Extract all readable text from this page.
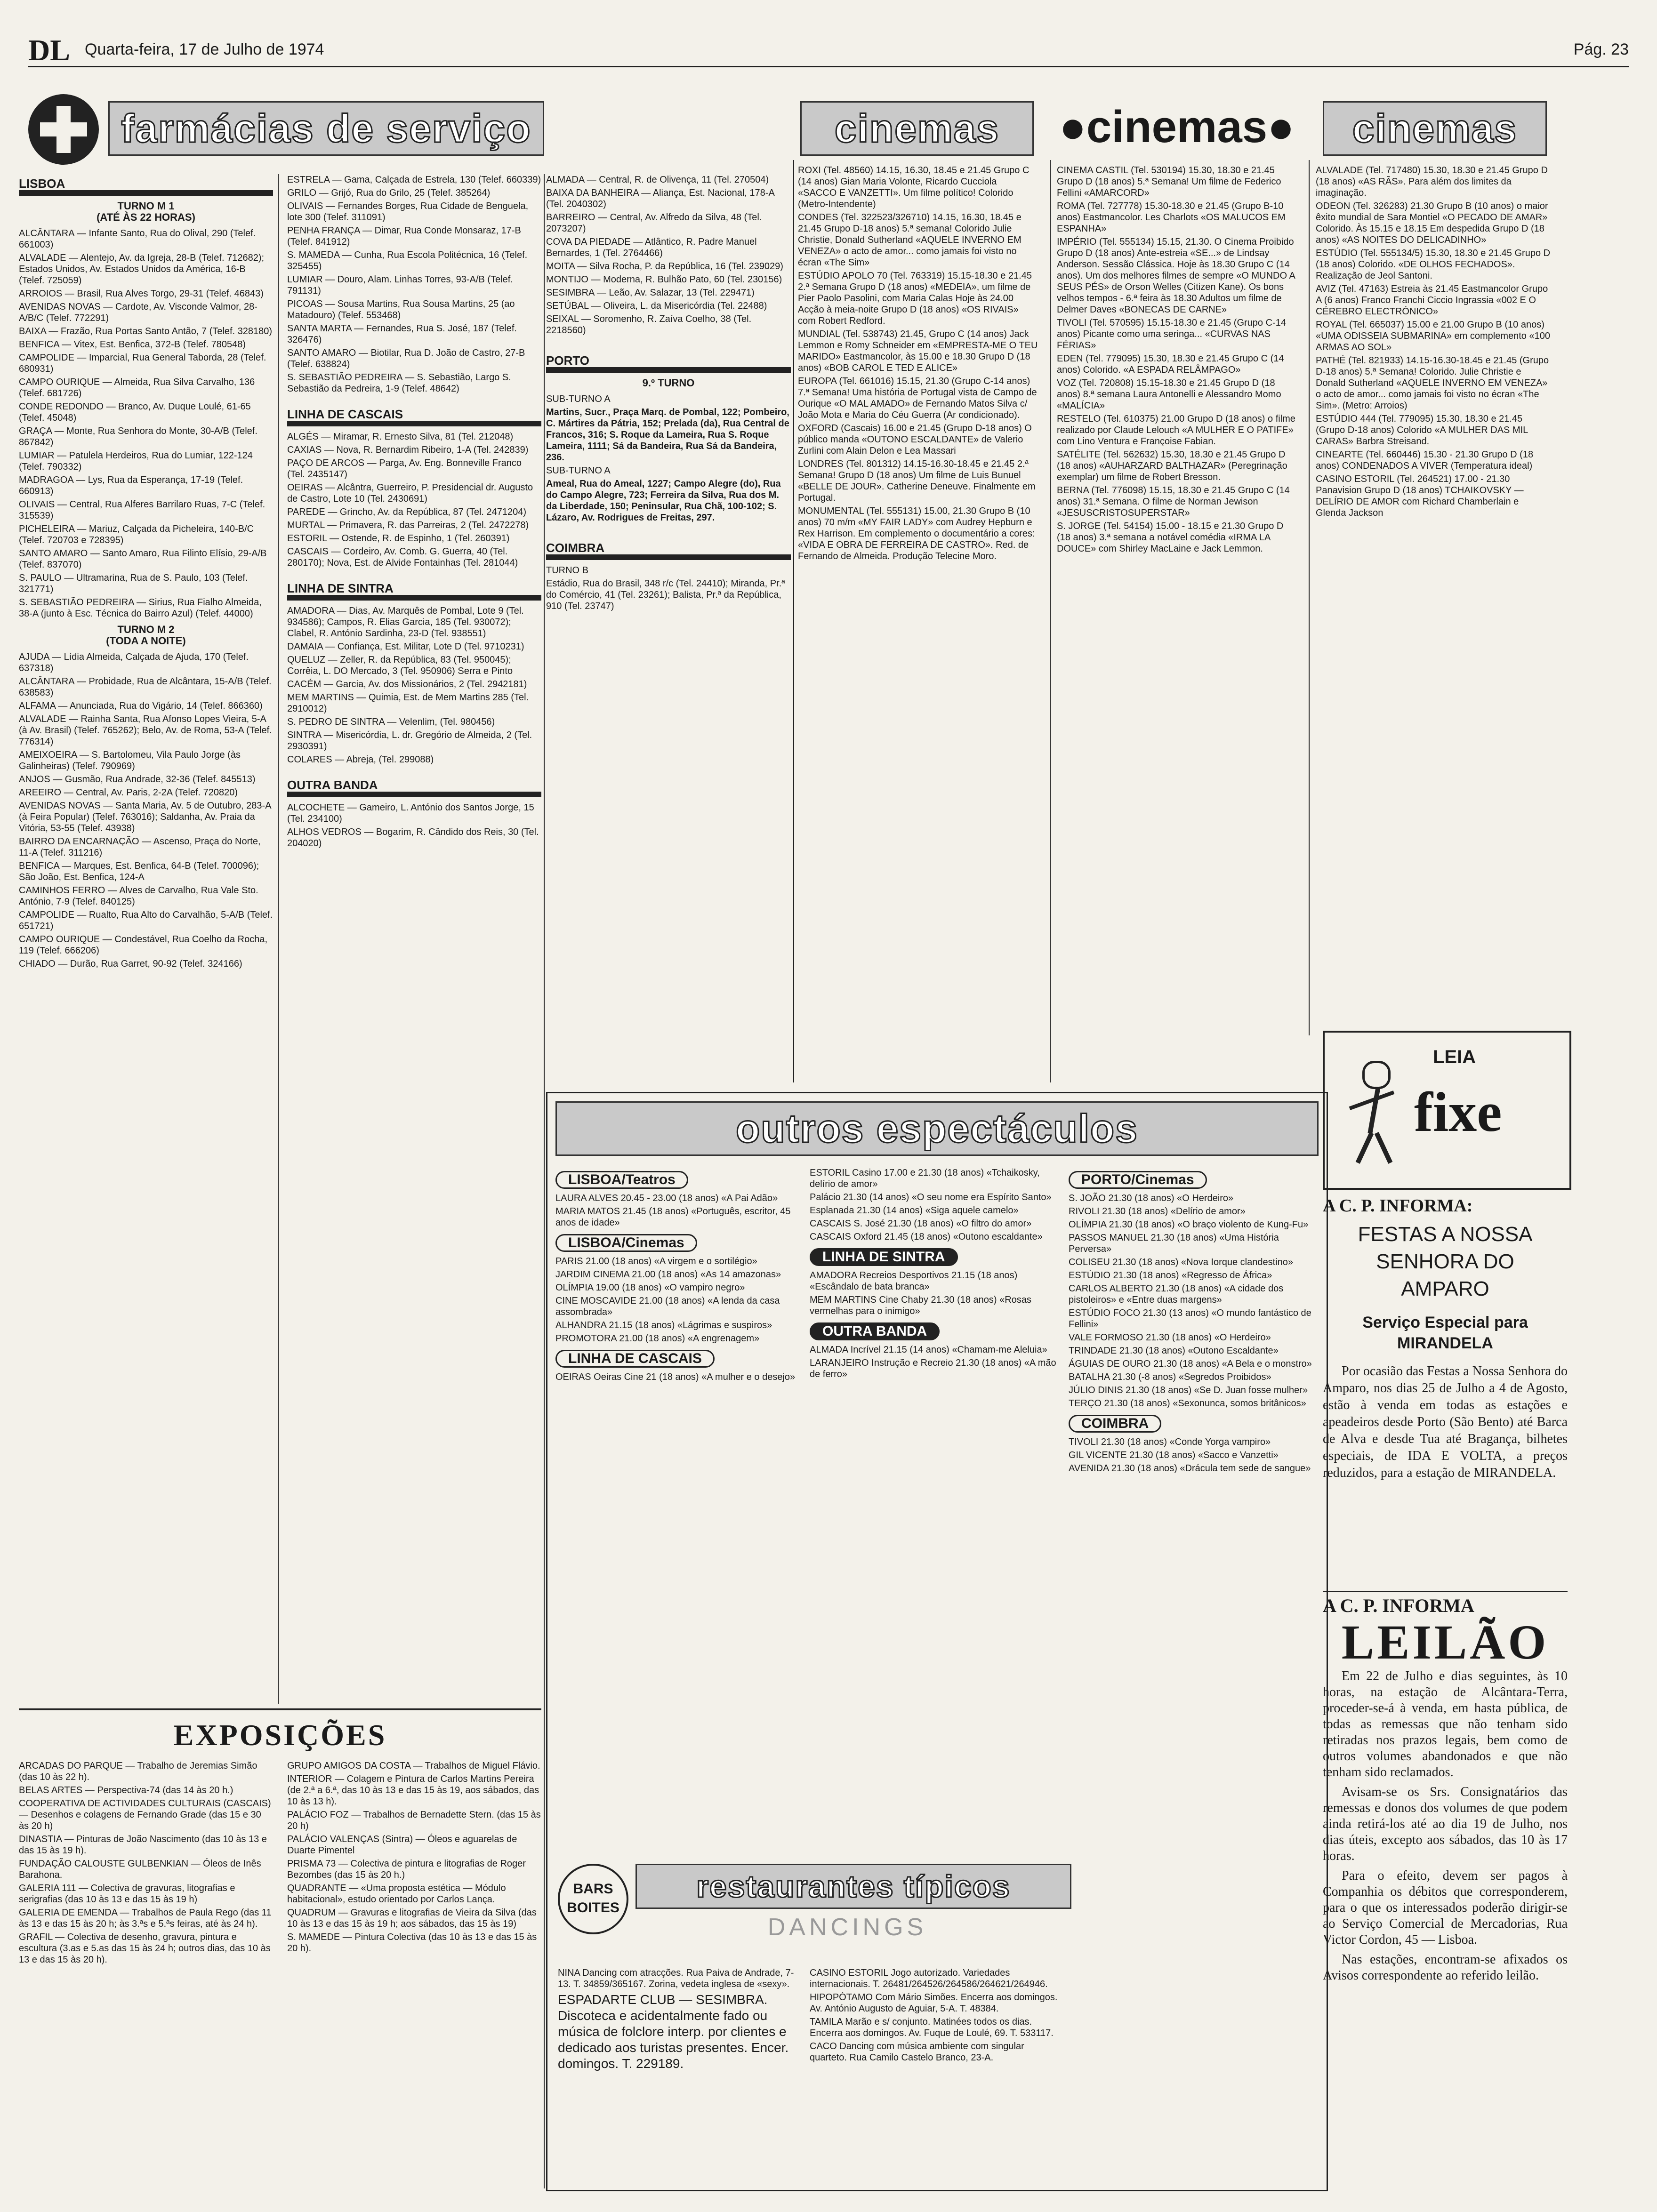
DL Quarta-feira, 17 de Julho de 1974	Pág. 23
farmácias de serviço	cinemas	●cinemas●	cinemas
LISBOA
TURNO M 1
(ATÉ ÀS 22 HORAS)

ALCÂNTARA — Infante Santo, Rua do Olival, 290 (Telef. 661003)

ALVALADE — Alentejo, Av. da Igreja, 28-B (Telef. 712682); Estados Unidos, Av. Estados Unidos da América, 16-B (Telef. 725059)

ARROIOS — Brasil, Rua Alves Torgo, 29-31 (Telef. 46843)

AVENIDAS NOVAS — Cardote, Av. Visconde Valmor, 28-A/B/C (Telef. 772291)

BAIXA — Frazão, Rua Portas Santo Antão, 7 (Telef. 328180)

BENFICA — Vitex, Est. Benfica, 372-B (Telef. 780548)

CAMPOLIDE — Imparcial, Rua General Taborda, 28 (Telef. 680931)

CAMPO OURIQUE — Almeida, Rua Silva Carvalho, 136 (Telef. 681726)

CONDE REDONDO — Branco, Av. Duque Loulé, 61-65 (Telef. 45048)

GRAÇA — Monte, Rua Senhora do Monte, 30-A/B (Telef. 867842)

LUMIAR — Patulela Herdeiros, Rua do Lumiar, 122-124 (Telef. 790332)

MADRAGOA — Lys, Rua da Esperança, 17-19 (Telef. 660913)

OLIVAIS — Central, Rua Alferes Barrilaro Ruas, 7-C (Telef. 315539)

PICHELEIRA — Mariuz, Calçada da Picheleira, 140-B/C (Telef. 720703 e 728395)

SANTO AMARO — Santo Amaro, Rua Filinto Elísio, 29-A/B (Telef. 837070)

S. PAULO — Ultramarina, Rua de S. Paulo, 103 (Telef. 321771)

S. SEBASTIÃO PEDREIRA — Sirius, Rua Fialho Almeida, 38-A (junto à Esc. Técnica do Bairro Azul) (Telef. 44000)

TURNO M 2
(TODA A NOITE)

AJUDA — Lídia Almeida, Calçada de Ajuda, 170 (Telef. 637318)

ALCÂNTARA — Probidade, Rua de Alcântara, 15-A/B (Telef. 638583)

ALFAMA — Anunciada, Rua do Vigário, 14 (Telef. 866360)

ALVALADE — Rainha Santa, Rua Afonso Lopes Vieira, 5-A (à Av. Brasil) (Telef. 765262); Belo, Av. de Roma, 53-A (Telef. 776314)

AMEIXOEIRA — S. Bartolomeu, Vila Paulo Jorge (às Galinheiras) (Telef. 790969)

ANJOS — Gusmão, Rua Andrade, 32-36 (Telef. 845513)

AREEIRO — Central, Av. Paris, 2-2A (Telef. 720820)

AVENIDAS NOVAS — Santa Maria, Av. 5 de Outubro, 283-A (à Feira Popular) (Telef. 763016); Saldanha, Av. Praia da Vitória, 53-55 (Telef. 43938)

BAIRRO DA ENCARNAÇÃO — Ascenso, Praça do Norte, 11-A (Telef. 311216)

BENFICA — Marques, Est. Benfica, 64-B (Telef. 700096); São João, Est. Benfica, 124-A

CAMINHOS FERRO — Alves de Carvalho, Rua Vale Sto. António, 7-9 (Telef. 840125)

CAMPOLIDE — Rualto, Rua Alto do Carvalhão, 5-A/B (Telef. 651721)

CAMPO OURIQUE — Condestável, Rua Coelho da Rocha, 119 (Telef. 666206)

CHIADO — Durão, Rua Garret, 90-92 (Telef. 324166)

ESTRELA — Gama, Calçada de Estrela, 130 (Telef. 660339)

GRILO — Grijó, Rua do Grilo, 25 (Telef. 385264)

OLIVAIS — Fernandes Borges, Rua Cidade de Benguela, lote 300 (Telef. 311091)

PENHA FRANÇA — Dimar, Rua Conde Monsaraz, 17-B (Telef. 841912)

S. MAMEDA — Cunha, Rua Escola Politécnica, 16 (Telef. 325455)

LUMIAR — Douro, Alam. Linhas Torres, 93-A/B (Telef. 791131)

PICOAS — Sousa Martins, Rua Sousa Martins, 25 (ao Matadouro) (Telef. 553468)

SANTA MARTA — Fernandes, Rua S. José, 187 (Telef. 326476)

SANTO AMARO — Biotilar, Rua D. João de Castro, 27-B (Telef. 638824)

S. SEBASTIÃO PEDREIRA — S. Sebastião, Largo S. Sebastião da Pedreira, 1-9 (Telef. 48642)

LINHA DE CASCAIS

ALGÉS — Miramar, R. Ernesto Silva, 81 (Tel. 212048)

CAXIAS — Nova, R. Bernardim Ribeiro, 1-A (Tel. 242839)

PAÇO DE ARCOS — Parga, Av. Eng. Bonneville Franco (Tel. 2435147)

OEIRAS — Alcântra, Guerreiro, P. Presidencial dr. Augusto de Castro, Lote 10 (Tel. 2430691)

PAREDE — Grincho, Av. da República, 87 (Tel. 2471204)

MURTAL — Primavera, R. das Parreiras, 2 (Tel. 2472278)

ESTORIL — Ostende, R. de Espinho, 1 (Tel. 260391)

CASCAIS — Cordeiro, Av. Comb. G. Guerra, 40 (Tel. 280170); Nova, Est. de Alvide Fontainhas (Tel. 281044)

LINHA DE SINTRA

AMADORA — Dias, Av. Marquês de Pombal, Lote 9 (Tel. 934586); Campos, R. Elias Garcia, 185 (Tel. 930072); Clabel, R. António Sardinha, 23-D (Tel. 938551)

DAMAIA — Confiança, Est. Militar, Lote D (Tel. 9710231)

QUELUZ — Zeller, R. da República, 83 (Tel. 950045); Corrêia, L. DO Mercado, 3 (Tel. 950906) Serra e Pinto

CACÉM — Garcia, Av. dos Missionários, 2 (Tel. 2942181)

MEM MARTINS — Quimia, Est. de Mem Martins 285 (Tel. 2910012)

S. PEDRO DE SINTRA — Velenlim, (Tel. 980456)

SINTRA — Misericórdia, L. dr. Gregório de Almeida, 2 (Tel. 2930391)

COLARES — Abreja, (Tel. 299088)

OUTRA BANDA

ALCOCHETE — Gameiro, L. António dos Santos Jorge, 15 (Tel. 234100)

ALHOS VEDROS — Bogarim, R. Cândido dos Reis, 30 (Tel. 204020)

ALMADA — Central, R. de Olivença, 11 (Tel. 270504)

BAIXA DA BANHEIRA — Aliança, Est. Nacional, 178-A (Tel. 2040302)

BARREIRO — Central, Av. Alfredo da Silva, 48 (Tel. 2073207)

COVA DA PIEDADE — Atlântico, R. Padre Manuel Bernardes, 1 (Tel. 2764466)

MOITA — Silva Rocha, P. da República, 16 (Tel. 239029)

MONTIJO — Moderna, R. Bulhão Pato, 60 (Tel. 230156)

SESIMBRA — Leão, Av. Salazar, 13 (Tel. 229471)

SETÚBAL — Oliveira, L. da Misericórdia (Tel. 22488)

SEIXAL — Soromenho, R. Zaíva Coelho, 38 (Tel. 2218560)

PORTO
9.º TURNO

SUB-TURNO A

Martins, Sucr., Praça Marq. de Pombal, 122; Pombeiro, C. Mártires da Pátria, 152; Prelada (da), Rua Central de Francos, 316; S. Roque da Lameira, Rua S. Roque Lameira, 1111; Sá da Bandeira, Rua Sá da Bandeira, 236.

SUB-TURNO A

Ameal, Rua do Ameal, 1227; Campo Alegre (do), Rua do Campo Alegre, 723; Ferreira da Silva, Rua dos M. da Liberdade, 150; Peninsular, Rua Chã, 100-102; S. Lázaro, Av. Rodrigues de Freitas, 297.

COIMBRA

TURNO B

Estádio, Rua do Brasil, 348 r/c (Tel. 24410); Miranda, Pr.ª do Comércio, 41 (Tel. 23261); Balista, Pr.ª da República, 910 (Tel. 23747)

ROXI (Tel. 48560) 14.15, 16.30, 18.45 e 21.45 Grupo C (14 anos) Gian Maria Volonte, Ricardo Cucciola «SACCO E VANZETTI». Um filme político! Colorido (Metro-Intendente)

CONDES (Tel. 322523/326710) 14.15, 16.30, 18.45 e 21.45 Grupo D-18 anos) 5.ª semana! Colorido Julie Christie, Donald Sutherland «AQUELE INVERNO EM VENEZA» o acto de amor... como jamais foi visto no écran «The Sim»

ESTÚDIO APOLO 70 (Tel. 763319) 15.15-18.30 e 21.45 2.ª Semana Grupo D (18 anos) «MEDEIA», um filme de Pier Paolo Pasolini, com Maria Calas Hoje às 24.00 Acção à meia-noite Grupo D (18 anos) «OS RIVAIS» com Robert Redford.

MUNDIAL (Tel. 538743) 21.45, Grupo C (14 anos) Jack Lemmon e Romy Schneider em «EMPRESTA-ME O TEU MARIDO» Eastmancolor, às 15.00 e 18.30 Grupo D (18 anos) «BOB CAROL E TED E ALICE»

EUROPA (Tel. 661016) 15.15, 21.30 (Grupo C-14 anos) 7.ª Semana! Uma história de Portugal vista de Campo de Ourique «O MAL AMADO» de Fernando Matos Silva c/ João Mota e Maria do Céu Guerra (Ar condicionado).

OXFORD (Cascais) 16.00 e 21.45 (Grupo D-18 anos) O público manda «OUTONO ESCALDANTE» de Valerio Zurlini com Alain Delon e Lea Massari

LONDRES (Tel. 801312) 14.15-16.30-18.45 e 21.45 2.ª Semana! Grupo D (18 anos) Um filme de Luis Bunuel «BELLE DE JOUR». Catherine Deneuve. Finalmente em Portugal.

MONUMENTAL (Tel. 555131) 15.00, 21.30 Grupo B (10 anos) 70 m/m «MY FAIR LADY» com Audrey Hepburn e Rex Harrison. Em complemento o documentário a cores: «VIDA E OBRA DE FERREIRA DE CASTRO». Red. de Fernando de Almeida. Produção Telecine Moro.

CINEMA CASTIL (Tel. 530194) 15.30, 18.30 e 21.45 Grupo D (18 anos) 5.ª Semana! Um filme de Federico Fellini «AMARCORD»

ROMA (Tel. 727778) 15.30-18.30 e 21.45 (Grupo B-10 anos) Eastmancolor. Les Charlots «OS MALUCOS EM ESPANHA»

IMPÉRIO (Tel. 555134) 15.15, 21.30. O Cinema Proibido Grupo D (18 anos) Ante-estreia «SE...» de Lindsay Anderson. Sessão Clássica. Hoje às 18.30 Grupo C (14 anos). Um dos melhores filmes de sempre «O MUNDO A SEUS PÉS» de Orson Welles (Citizen Kane). Os bons velhos tempos - 6.ª feira às 18.30 Adultos um filme de Delmer Daves «BONECAS DE CARNE»

TIVOLI (Tel. 570595) 15.15-18.30 e 21.45 (Grupo C-14 anos) Picante como uma seringa... «CURVAS NAS FÉRIAS»

EDEN (Tel. 779095) 15.30, 18.30 e 21.45 Grupo C (14 anos) Colorido. «A ESPADA RELÂMPAGO»

VOZ (Tel. 720808) 15.15-18.30 e 21.45 Grupo D (18 anos) 8.ª semana Laura Antonelli e Alessandro Momo «MALÍCIA»

RESTELO (Tel. 610375) 21.00 Grupo D (18 anos) o filme realizado por Claude Lelouch «A MULHER E O PATIFE» com Lino Ventura e Françoise Fabian.

SATÉLITE (Tel. 562632) 15.30, 18.30 e 21.45 Grupo D (18 anos) «AUHARZARD BALTHAZAR» (Peregrinação exemplar) um filme de Robert Bresson.

BERNA (Tel. 776098) 15.15, 18.30 e 21.45 Grupo C (14 anos) 31.ª Semana. O filme de Norman Jewison «JESUSCRISTOSUPERSTAR»

S. JORGE (Tel. 54154) 15.00 - 18.15 e 21.30 Grupo D (18 anos) 3.ª semana a notável comédia «IRMA LA DOUCE» com Shirley MacLaine e Jack Lemmon.

ALVALADE (Tel. 717480) 15.30, 18.30 e 21.45 Grupo D (18 anos) «AS RÃS». Para além dos limites da imaginação.

ODEON (Tel. 326283) 21.30 Grupo B (10 anos) o maior êxito mundial de Sara Montiel «O PECADO DE AMAR» Colorido. Às 15.15 e 18.15 Em despedida Grupo D (18 anos) «AS NOITES DO DELICADINHO»

ESTÚDIO (Tel. 555134/5) 15.30, 18.30 e 21.45 Grupo D (18 anos) Colorido. «DE OLHOS FECHADOS». Realização de Jeol Santoni.

AVIZ (Tel. 47163) Estreia às 21.45 Eastmancolor Grupo A (6 anos) Franco Franchi Ciccio Ingrassia «002 E O CÉREBRO ELECTRÓNICO»

ROYAL (Tel. 665037) 15.00 e 21.00 Grupo B (10 anos) «UMA ODISSEIA SUBMARINA» em complemento «100 ARMAS AO SOL»

PATHÉ (Tel. 821933) 14.15-16.30-18.45 e 21.45 (Grupo D-18 anos) 5.ª Semana! Colorido. Julie Christie e Donald Sutherland «AQUELE INVERNO EM VENEZA» o acto de amor... como jamais foi visto no écran «The Sim». (Metro: Arroios)

ESTÚDIO 444 (Tel. 779095) 15.30, 18.30 e 21.45 (Grupo D-18 anos) Colorido «A MULHER DAS MIL CARAS» Barbra Streisand.

CINEARTE (Tel. 660446) 15.30 - 21.30 Grupo D (18 anos) CONDENADOS A VIVER (Temperatura ideal)

CASINO ESTORIL (Tel. 264521) 17.00 - 21.30 Panavision Grupo D (18 anos) TCHAIKOVSKY — DELÍRIO DE AMOR com Richard Chamberlain e Glenda Jackson

outros espectáculos
LISBOA/Teatros

LAURA ALVES 20.45 - 23.00 (18 anos) «A Pai Adão»

MARIA MATOS 21.45 (18 anos) «Português, escritor, 45 anos de idade»

LISBOA/Cinemas

PARIS 21.00 (18 anos) «A virgem e o sortilégio»

JARDIM CINEMA 21.00 (18 anos) «As 14 amazonas»

OLÍMPIA 19.00 (18 anos) «O vampiro negro»

CINE MOSCAVIDE 21.00 (18 anos) «A lenda da casa assombrada»

ALHANDRA 21.15 (18 anos) «Lágrimas e suspiros»

PROMOTORA 21.00 (18 anos) «A engrenagem»

LINHA DE CASCAIS

OEIRAS Oeiras Cine 21 (18 anos) «A mulher e o desejo»

ESTORIL Casino 17.00 e 21.30 (18 anos) «Tchaikosky, delírio de amor»

Palácio 21.30 (14 anos) «O seu nome era Espírito Santo»

Esplanada 21.30 (14 anos) «Siga aquele camelo»

CASCAIS S. José 21.30 (18 anos) «O filtro do amor»

CASCAIS Oxford 21.45 (18 anos) «Outono escaldante»

LINHA DE SINTRA

AMADORA Recreios Desportivos 21.15 (18 anos) «Escândalo de bata branca»

MEM MARTINS Cine Chaby 21.30 (18 anos) «Rosas vermelhas para o inimigo»

OUTRA BANDA

ALMADA Incrível 21.15 (14 anos) «Chamam-me Aleluia»

LARANJEIRO Instrução e Recreio 21.30 (18 anos) «A mão de ferro»

PORTO/Cinemas

S. JOÃO 21.30 (18 anos) «O Herdeiro»

RIVOLI 21.30 (18 anos) «Delírio de amor»

OLÍMPIA 21.30 (18 anos) «O braço violento de Kung-Fu»

PASSOS MANUEL 21.30 (18 anos) «Uma História Perversa»

COLISEU 21.30 (18 anos) «Nova Iorque clandestino»

ESTÚDIO 21.30 (18 anos) «Regresso de África»

CARLOS ALBERTO 21.30 (18 anos) «A cidade dos pistoleiros» e «Entre duas margens»

ESTÚDIO FOCO 21.30 (13 anos) «O mundo fantástico de Fellini»

VALE FORMOSO 21.30 (18 anos) «O Herdeiro»

TRINDADE 21.30 (18 anos) «Outono Escaldante»

ÁGUIAS DE OURO 21.30 (18 anos) «A Bela e o monstro»

BATALHA 21.30 (-8 anos) «Segredos Proibidos»

JÚLIO DINIS 21.30 (18 anos) «Se D. Juan fosse mulher»

TERÇO 21.30 (18 anos) «Sexonunca, somos britânicos»

COIMBRA

TIVOLI 21.30 (18 anos) «Conde Yorga vampiro»

GIL VICENTE 21.30 (18 anos) «Sacco e Vanzetti»

AVENIDA 21.30 (18 anos) «Drácula tem sede de sangue»

BARS
BOITES
restaurantes típicos
DANCINGS

NINA Dancing com atracções. Rua Paiva de Andrade, 7-13. T. 34859/365167. Zorina, vedeta inglesa de «sexy».

ESPADARTE CLUB — SESIMBRA. Discoteca e acidentalmente fado ou música de folclore interp. por clientes e dedicado aos turistas presentes. Encer. domingos. T. 229189.

CASINO ESTORIL Jogo autorizado. Variedades internacionais. T. 26481/264526/264586/264621/264946.

HIPOPÓTAMO Com Mário Simões. Encerra aos domingos. Av. António Augusto de Aguiar, 5-A. T. 48384.

TAMILA Marão e s/ conjunto. Matinées todos os dias. Encerra aos domingos. Av. Fuque de Loulé, 69. T. 533117.

CACO Dancing com música ambiente com singular quarteto. Rua Camilo Castelo Branco, 23-A.

EXPOSIÇÕES

ARCADAS DO PARQUE — Trabalho de Jeremias Simão (das 10 às 22 h).

BELAS ARTES — Perspectiva-74 (das 14 às 20 h.)

COOPERATIVA DE ACTIVIDADES CULTURAIS (CASCAIS) — Desenhos e colagens de Fernando Grade (das 15 e 30 às 20 h)

DINASTIA — Pinturas de João Nascimento (das 10 às 13 e das 15 às 19 h).

FUNDAÇÃO CALOUSTE GULBENKIAN — Óleos de Inês Barahona.

GALERIA 111 — Colectiva de gravuras, litografias e serigrafias (das 10 às 13 e das 15 às 19 h)

GALERIA DE EMENDA — Trabalhos de Paula Rego (das 11 às 13 e das 15 às 20 h; às 3.ªs e 5.ªs feiras, até às 24 h).

GRAFIL — Colectiva de desenho, gravura, pintura e escultura (3.as e 5.as das 15 às 24 h; outros dias, das 10 às 13 e das 15 às 20 h).

GRUPO AMIGOS DA COSTA — Trabalhos de Miguel Flávio.

INTERIOR — Colagem e Pintura de Carlos Martins Pereira (de 2.ª a 6.ª, das 10 às 13 e das 15 às 19, aos sábados, das 10 às 13 h).

PALÁCIO FOZ — Trabalhos de Bernadette Stern. (das 15 às 20 h)

PALÁCIO VALENÇAS (Sintra) — Óleos e aguarelas de Duarte Pimentel

PRISMA 73 — Colectiva de pintura e litografias de Roger Bezombes (das 15 às 20 h.)

QUADRANTE — «Uma proposta estética — Módulo habitacional», estudo orientado por Carlos Lança.

QUADRUM — Gravuras e litografias de Vieira da Silva (das 10 às 13 e das 15 às 19 h; aos sábados, das 15 às 19)

S. MAMEDE — Pintura Colectiva (das 10 às 13 e das 15 às 20 h).

LEIA
fixe
A C. P. INFORMA:
FESTAS A NOSSA SENHORA DO AMPARO
Serviço Especial para MIRANDELA

Por ocasião das Festas a Nossa Senhora do Amparo, nos dias 25 de Julho a 4 de Agosto, estão à venda em todas as estações e apeadeiros desde Porto (São Bento) até Barca de Alva e desde Tua até Bragança, bilhetes especiais, de IDA E VOLTA, a preços reduzidos, para a estação de MIRANDELA.

A C. P. INFORMA
LEILÃO

Em 22 de Julho e dias seguintes, às 10 horas, na estação de Alcântara-Terra, proceder-se-á à venda, em hasta pública, de todas as remessas que não tenham sido retiradas nos prazos legais, bem como de outros volumes abandonados e que não tenham sido reclamados.

Avisam-se os Srs. Consignatários das remessas e donos dos volumes de que podem ainda retirá-los até ao dia 19 de Julho, nos dias úteis, excepto aos sábados, das 10 às 17 horas.

Para o efeito, devem ser pagos à Companhia os débitos que corresponderem, para o que os interessados poderão dirigir-se ao Serviço Comercial de Mercadorias, Rua Victor Cordon, 45 — Lisboa.

Nas estações, encontram-se afixados os Avisos correspondente ao referido leilão.
